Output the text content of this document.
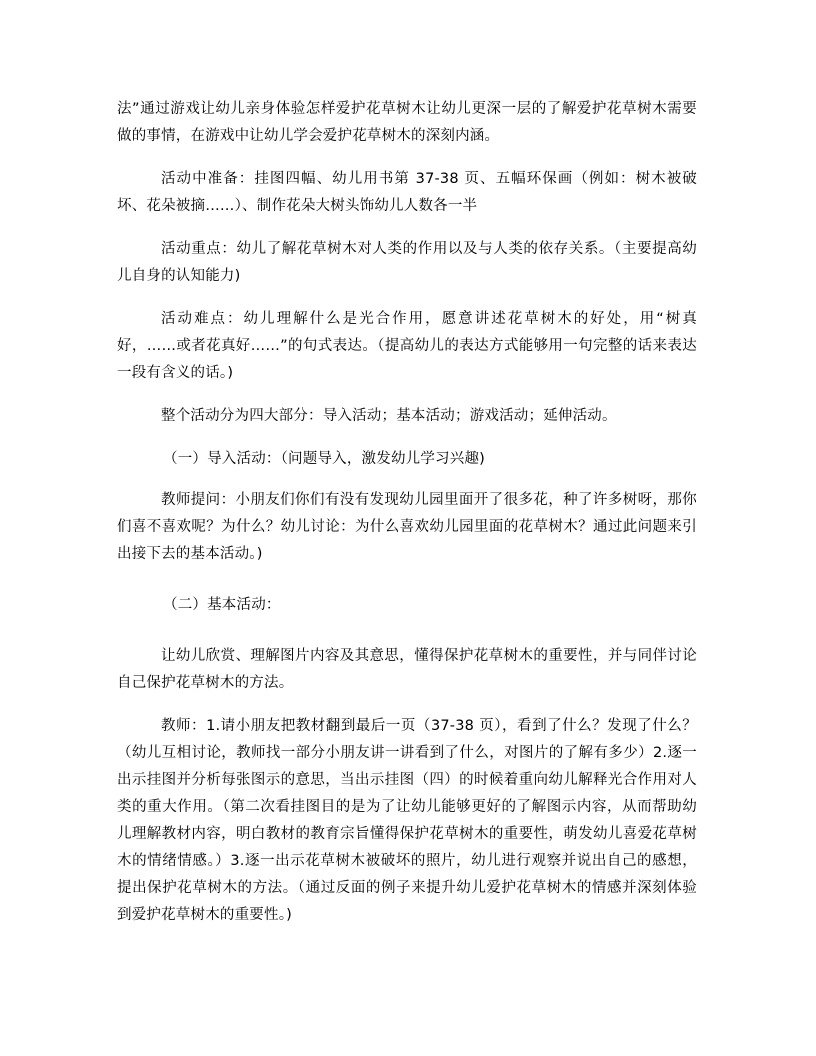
法”通过游戏让幼儿亲身体验怎样爱护花草树木让幼儿更深一层的了解爱护花草树木需要做的事情，在游戏中让幼儿学会爱护花草树木的深刻内涵。

活动中准备：挂图四幅、幼儿用书第 37-38 页、五幅环保画（例如：树木被破坏、花朵被摘……）、制作花朵大树头饰幼儿人数各一半

活动重点：幼儿了解花草树木对人类的作用以及与人类的依存关系。（主要提高幼儿自身的认知能力)

活动难点：幼儿理解什么是光合作用，愿意讲述花草树木的好处，用“树真好，……或者花真好……”的句式表达。（提高幼儿的表达方式能够用一句完整的话来表达一段有含义的话。)

整个活动分为四大部分：导入活动；基本活动；游戏活动；延伸活动。

（一）导入活动：（问题导入，激发幼儿学习兴趣)

教师提问：小朋友们你们有没有发现幼儿园里面开了很多花，种了许多树呀，那你们喜不喜欢呢？为什么？幼儿讨论：为什么喜欢幼儿园里面的花草树木？通过此问题来引出接下去的基本活动。)

（二）基本活动：

让幼儿欣赏、理解图片内容及其意思，懂得保护花草树木的重要性，并与同伴讨论自己保护花草树木的方法。

教师：1.请小朋友把教材翻到最后一页（37-38 页），看到了什么？发现了什么？（幼儿互相讨论，教师找一部分小朋友讲一讲看到了什么，对图片的了解有多少）2.逐一出示挂图并分析每张图示的意思，当出示挂图（四）的时候着重向幼儿解释光合作用对人类的重大作用。（第二次看挂图目的是为了让幼儿能够更好的了解图示内容，从而帮助幼儿理解教材内容，明白教材的教育宗旨懂得保护花草树木的重要性，萌发幼儿喜爱花草树木的情绪情感。）3.逐一出示花草树木被破坏的照片，幼儿进行观察并说出自己的感想，提出保护花草树木的方法。（通过反面的例子来提升幼儿爱护花草树木的情感并深刻体验到爱护花草树木的重要性。)
